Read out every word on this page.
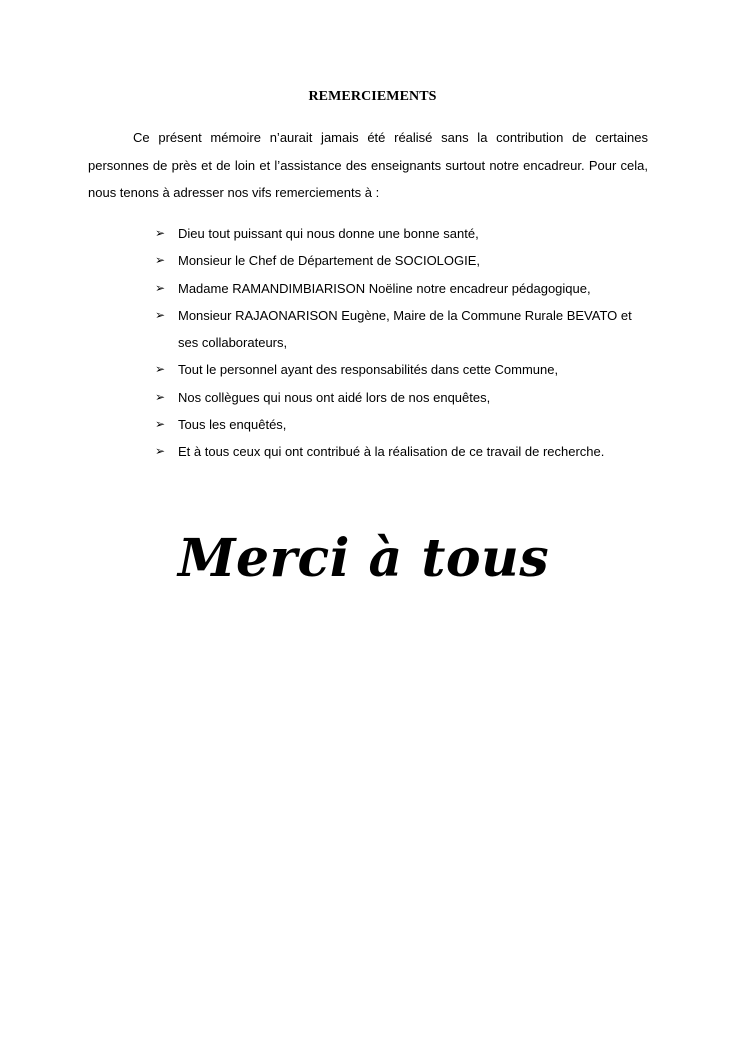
REMERCIEMENTS

Ce présent mémoire n’aurait jamais été réalisé sans la contribution de certaines personnes de près et de loin et l’assistance des enseignants surtout notre encadreur. Pour cela, nous tenons à adresser nos vifs remerciements à :

➢ Dieu tout puissant qui nous donne une bonne santé,
➢ Monsieur le Chef de Département de SOCIOLOGIE,
➢ Madame RAMANDIMBIARISON Noëline notre encadreur pédagogique,
➢ Monsieur RAJAONARISON Eugène, Maire de la Commune Rurale BEVATO et ses collaborateurs,
➢ Tout le personnel ayant des responsabilités dans cette Commune,
➢ Nos collègues qui nous ont aidé lors de nos enquêtes,
➢ Tous les enquêtés,
➢ Et à tous ceux qui ont contribué à la réalisation de ce travail de recherche.
Merci à tous
